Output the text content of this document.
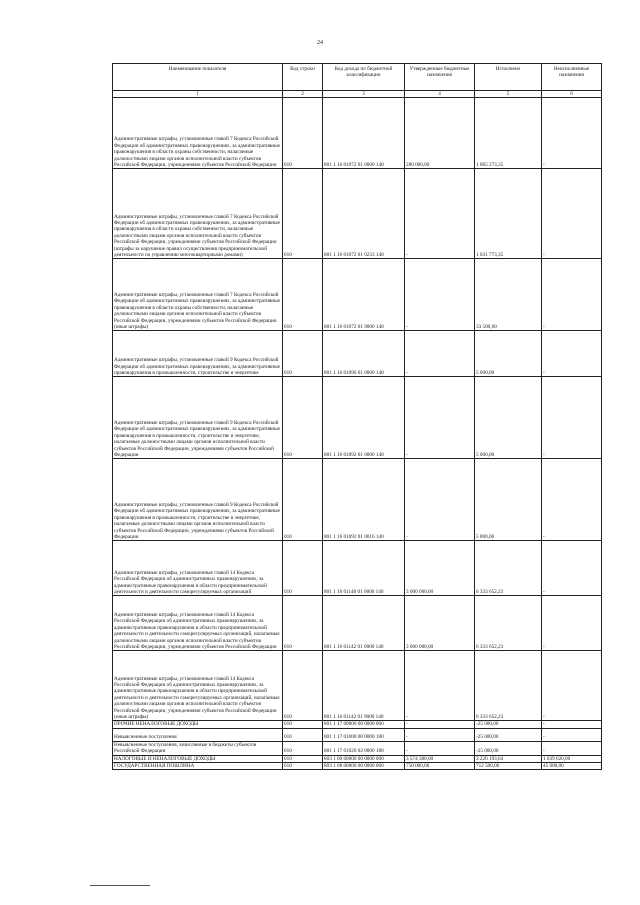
24
Наименование показателя	Код строки	Код дохода по бюджетной классификации	Утвержденные бюджетные назначения	Исполнено	Неисполненные назначения
1	2	3	4	5	6
Административные штрафы, установленные главой 7 Кодекса Российской Федерации об административных правонарушениях, за административные правонарушения в области охраны собственности, налагаемые должностными лицами органов исполнительной власти субъектов Российской Федерации, учреждениями субъектов Российской Федерации	010	801 1 16 01072 01 0000 140	280 000,00	1 065 273,35	-
Административные штрафы, установленные главой 7 Кодекса Российской Федерации об административных правонарушениях, за административные правонарушения в области охраны собственности, налагаемые должностными лицами органов исполнительной власти субъектов Российской Федерации, учреждениями субъектов Российской Федерации (штрафы за нарушение правил осуществления предпринимательской деятельности по управлению многоквартирными домами)	010	801 1 16 01072 01 0233 140	-	1 031 773,35	-
Административные штрафы, установленные главой 7 Кодекса Российской Федерации об административных правонарушениях, за административные правонарушения в области охраны собственности, налагаемые должностными лицами органов исполнительной власти субъектов Российской Федерации, учреждениями субъектов Российской Федерации (иные штрафы)	010	801 1 16 01072 01 9000 140	-	33 500,00	-
Административные штрафы, установленные главой 9 Кодекса Российской Федерации об административных правонарушениях, за административные правонарушения в промышленности, строительстве и энергетике	010	801 1 16 01090 01 0000 140	-	5 000,00	-
Административные штрафы, установленные главой 9 Кодекса Российской Федерации об административных правонарушениях, за административные правонарушения в промышленности, строительстве и энергетике, налагаемые должностными лицами органов исполнительной власти субъектов Российской Федерации, учреждениями субъектов Российской Федерации	010	801 1 16 01092 01 0000 140	-	5 000,00	-
Административные штрафы, установленные главой 9 Кодекса Российской Федерации об административных правонарушениях, за административные правонарушения в промышленности, строительстве и энергетике, налагаемые должностными лицами органов исполнительной власти субъектов Российской Федерации, учреждениями субъектов Российской Федерации	010	801 1 16 01092 01 0016 140	-	5 000,00	-
Административные штрафы, установленные главой 14 Кодекса Российской Федерации об административных правонарушениях, за административные правонарушения в области предпринимательской деятельности и деятельности саморегулируемых организаций	010	801 1 16 01140 01 0000 140	3 000 000,00	6 333 652,23	-
Административные штрафы, установленные главой 14 Кодекса Российской Федерации об административных правонарушениях, за административные правонарушения в области предпринимательской деятельности и деятельности саморегулируемых организаций, налагаемые должностными лицами органов исполнительной власти субъектов Российской Федерации, учреждениями субъектов Российской Федерации	010	801 1 16 01142 01 0000 140	3 000 000,00	6 333 652,23	-
Административные штрафы, установленные главой 14 Кодекса Российской Федерации об административных правонарушениях, за административные правонарушения в области предпринимательской деятельности и деятельности саморегулируемых организаций, налагаемые должностными лицами органов исполнительной власти субъектов Российской Федерации, учреждениями субъектов Российской Федерации (иные штрафы)	010	801 1 16 01142 01 9000 140	-	6 333 652,23	-
ПРОЧИЕ НЕНАЛОГОВЫЕ ДОХОДЫ	010	801 1 17 00000 00 0000 000	-	-25 000,00	-
Невыясненные поступления	010	801 1 17 01000 00 0000 180	-	-25 000,00	-
Невыясненные поступления, зачисляемые в бюджеты субъектов Российской Федерации	010	801 1 17 01020 02 0000 180	-	-25 000,00	-
НАЛОГОВЫЕ И НЕНАЛОГОВЫЕ ДОХОДЫ	010	803 1 00 00000 00 0000 000	3 574 300,00	3 226 193,64	1 639 620,00
ГОСУДАРСТВЕННАЯ ПОШЛИНА	010	803 1 08 00000 00 0000 000	750 000,00	712 500,00	45 000,00
